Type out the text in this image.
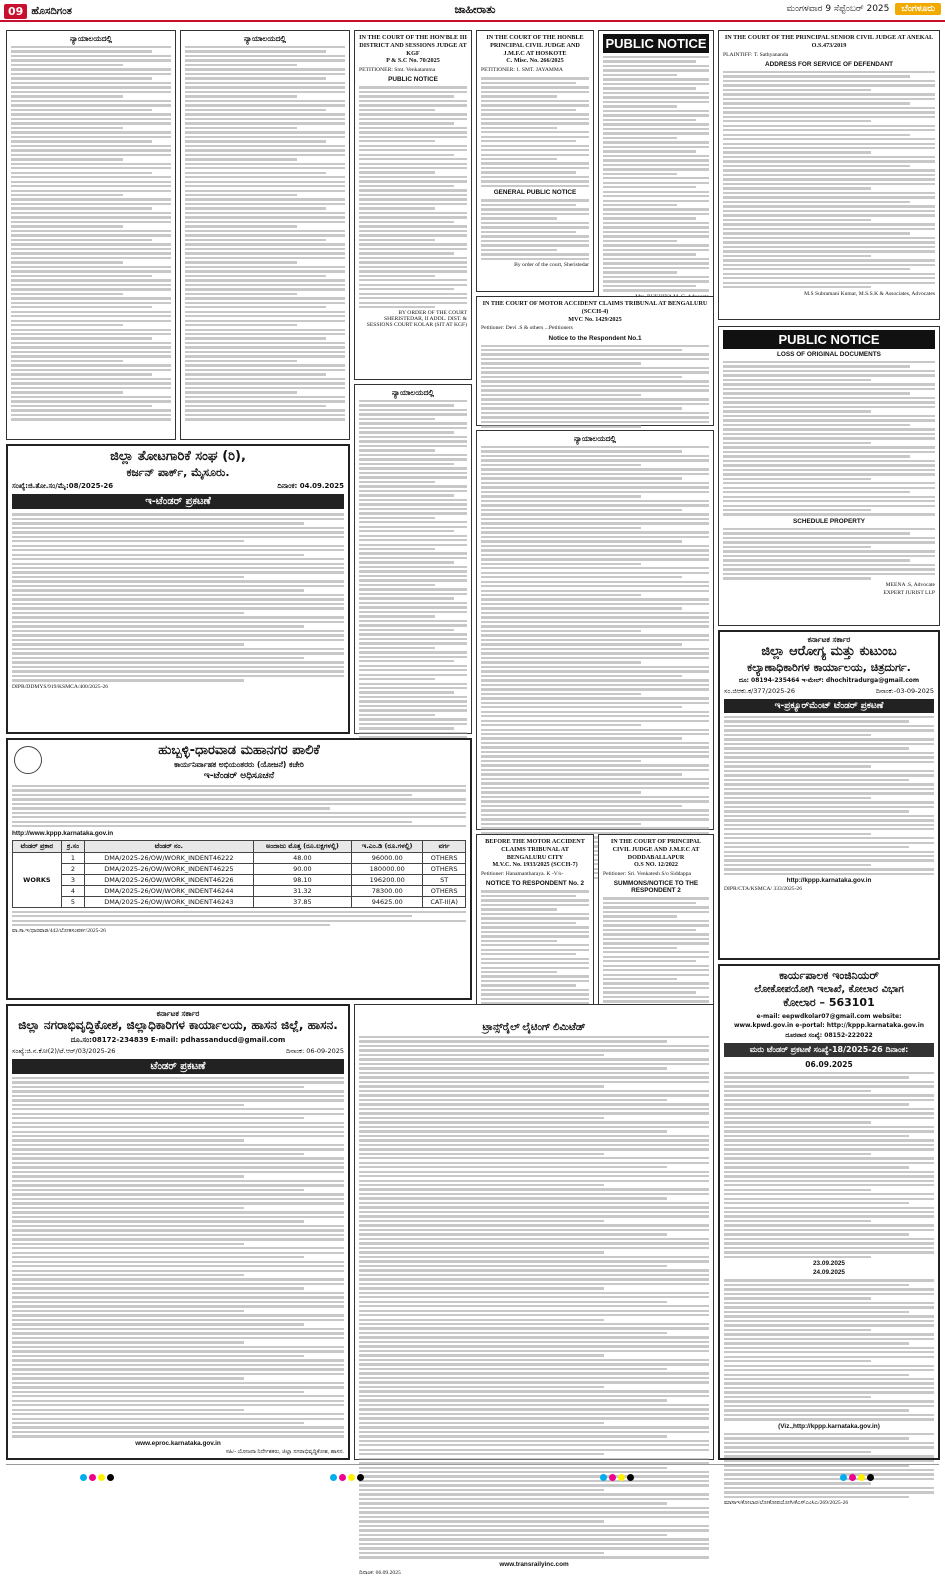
09 ಹೊಸದಿಗಂತ	ಜಾಹೀರಾತು	ಮಂಗಳವಾರ 9 ಸೆಪ್ಟೆಂಬರ್ 2025	ಬೆಂಗಳೂರು
ನ್ಯಾಯಾಲಯದಲ್ಲಿ	ನ್ಯಾಯಾಲಯದಲ್ಲಿ	IN THE COURT OF THE HON'BLE III DISTRICT AND SESSIONS JUDGE AT KGF
P & S.C No. 70/2025
PETITIONER: Smt. Venkatamma
PUBLIC NOTICE
BY ORDER OF THE COURT SHERISTEDAR, II ADDL. DIST. & SESSIONS COURT KOLAR (SIT AT KGF)
IN THE COURT OF THE HONBLE PRINCIPAL CIVIL JUDGE AND J.M.F.C AT HOSKOTE
C. Misc. No. 266/2025
PETITIONER: 1. SMT. JAYAMMA
GENERAL PUBLIC NOTICE
By order of the court, Sheristedar
PUBLIC NOTICE	IN THE COURT OF THE PRINCIPAL SENIOR CIVIL JUDGE AT ANEKAL
O.S.473/2019
PLAINTIFF: T. Sathyananda
ADDRESS FOR SERVICE OF DEFENDANT
M.S Subramani Kumar, M.S.S.K & Associates, Advocates
IN THE COURT OF MOTOR ACCIDENT CLAIMS TRIBUNAL AT BENGALURU (SCCH-4)
MVC No. 1429/2025
Petitioner: Devi .S & others ...Petitioners
Notice to the Respondent No.1	PUBLIC NOTICE
LOSS OF ORIGINAL DOCUMENTS
SCHEDULE PROPERTY
MEENA .S, Advocate
EXPERT JURIST LLP
ನ್ಯಾಯಾಲಯದಲ್ಲಿ
ಜಿಲ್ಲಾ ತೋಟಗಾರಿಕೆ ಸಂಘ (ರಿ),
ಕರ್ಜನ್ ಪಾರ್ಕ್, ಮೈಸೂರು.
ಸಂಖ್ಯೆ:ಜಿ.ತೋ.ಸಂ/ಮೈ:08/2025-26	ದಿನಾಂಕ: 04.09.2025
ಇ-ಟೆಂಡರ್ ಪ್ರಕಟಣೆ
DIPR/DDMYS/919/KSMCA/400/2025-26
ನ್ಯಾಯಾಲಯದಲ್ಲಿ
ಕರ್ನಾಟಕ ಸರ್ಕಾರ
ಜಿಲ್ಲಾ ಆರೋಗ್ಯ ಮತ್ತು ಕುಟುಂಬ
ಕಲ್ಯಾಣಾಧಿಕಾರಿಗಳ ಕಾರ್ಯಾಲಯ, ಚಿತ್ರದುರ್ಗ.
ದೂ: 08194-235464 ಇ-ಮೇಲ್: dhochitradurga@gmail.com
ಸಂ.ಜಿಆಕು.ಕ/377/2025-26	ದಿನಾಂಕ:-03-09-2025
ಇ-ಪ್ರಕ್ಯೂರ್‌ಮೆಂಟ್ ಟೆಂಡರ್ ಪ್ರಕಟಣೆ
http://kppp.karnataka.gov.in
DIPR/CTA/KSMCA/ 333/2025-26
ಹುಬ್ಬಳ್ಳಿ-ಧಾರವಾಡ ಮಹಾನಗರ ಪಾಲಿಕೆ
ಕಾರ್ಯನಿರ್ವಾಹಕ ಅಭಿಯಂತರರು (ಯೋಜನೆ) ಕಚೇರಿ
ಇ-ಟೆಂಡರ್ ಅಧಿಸೂಚನೆ
http://www.kppp.karnataka.gov.in
ಟೆಂಡರ್ ಪ್ರಕಾರ	ಕ್ರ.ಸಂ	ಟೆಂಡರ್ ನಂ.	ಅಂದಾಜು ಮೊತ್ತ (ರೂ.ಲಕ್ಷಗಳಲ್ಲಿ)	ಇ.ಎಂ.ಡಿ (ರೂ.ಗಳಲ್ಲಿ)	ವರ್ಗ
WORKS	1	DMA/2025-26/OW/WORK_INDENT46222	48.00	96000.00	OTHERS
	2	DMA/2025-26/OW/WORK_INDENT46225	90.00	180000.00	OTHERS
	3	DMA/2025-26/OW/WORK_INDENT46226	98.10	196200.00	ST
	4	DMA/2025-26/OW/WORK_INDENT46244	31.32	78300.00	OTHERS
	5	DMA/2025-26/OW/WORK_INDENT46243	37.85	94625.00	CAT-II(A)
ವಾ.ಸಾ.ಇ/ಧಾರವಾಡ/442/ಲೋಕಸಂಪರ್ಕ/2025-26
BEFORE THE MOTOR ACCIDENT CLAIMS TRIBUNAL AT BENGALURU CITY
M.V.C. No. 1933/2025 (SCCH-7)
Petitioner: Hanamantharaya. K -V/s-
NOTICE TO RESPONDENT No. 2
IN THE COURT OF PRINCIPAL CIVIL JUDGE AND J.M.F.C AT DODDABALLAPUR
O.S NO. 12/2022
Petitioner: Sri. Venkatesh S/o Siddappa
SUMMONS/NOTICE TO THE RESPONDENT 2
ಕಾರ್ಯಪಾಲಕ ಇಂಜಿನಿಯರ್
ಲೋಕೋಪಯೋಗಿ ಇಲಾಖೆ, ಕೋಲಾರ ವಿಭಾಗ
ಕೋಲಾರ – 563101
e-mail: eepwdkolar07@gmail.com website:
www.kpwd.gov.in e-portal: http://kppp.karnataka.gov.in
ದೂರವಾಣಿ ಸಂಖ್ಯೆ: 08152-222022
ಮರು ಟೆಂಡರ್ ಪ್ರಕಟಣೆ ಸಂಖ್ಯೆ-18/2025-26 ದಿನಾಂಕ:
06.09.2025
23.09.2025
24.09.2025
(Viz.,http://kppp.karnataka.gov.in)
ಮಾಸಾಇ/ಕೋಲಾರ/ಲೋಕೋಪಯೋಗಿ/ಕೆಎಸ್‌ಎಂಸಿಎ/269/2025-26
ಕರ್ನಾಟಕ ಸರ್ಕಾರ
ಜಿಲ್ಲಾ ನಗರಾಭಿವೃದ್ಧಿಕೋಶ, ಜಿಲ್ಲಾಧಿಕಾರಿಗಳ ಕಾರ್ಯಾಲಯ, ಹಾಸನ ಜಿಲ್ಲೆ, ಹಾಸನ.
ದೂ.ಸಂ:08172-234839 E-mail: pdhassanducd@gmail.com
ಸಂಖ್ಯೆ:ಜಿ.ನ.ಕೋ(2)/ಟೆ.ಆರ್/03/2025-26	ದಿನಾಂಕ: 06-09-2025
ಟೆಂಡರ್ ಪ್ರಕಟಣೆ
www.eproc.karnataka.gov.in
ಸಹಿ/- ಯೋಜನಾ ನಿರ್ದೇಶಕರು, ಜಿಲ್ಲಾ ನಗರಾಭಿವೃದ್ಧಿಕೋಶ, ಹಾಸನ.
ಟ್ರಾನ್ಸ್‌ರೈಲ್ ಲೈಟಿಂಗ್ ಲಿಮಿಟೆಡ್
www.transrailyinc.com
ದಿನಾಂಕ: 06.09.2025
